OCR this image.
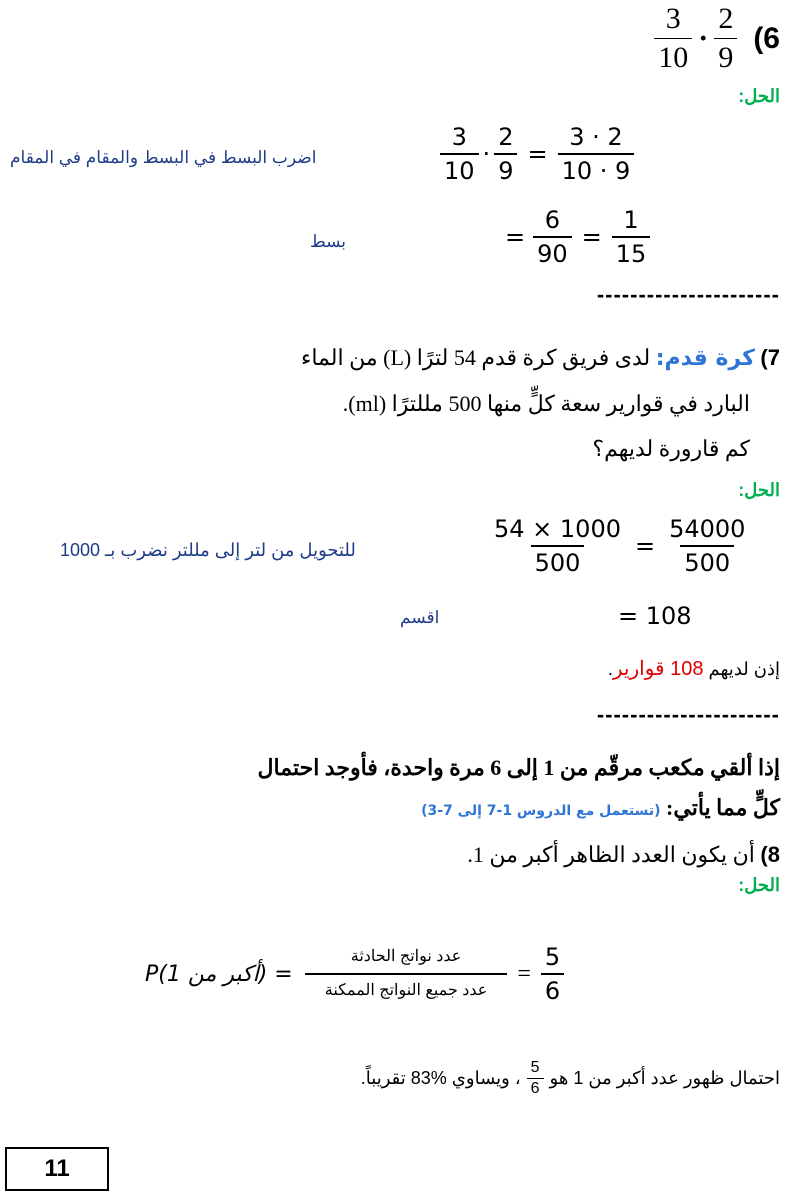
$\frac{3}{10} \cdot \frac{2}{9} (6$
الحل:
$\frac{3}{10} \cdot \frac{2}{9} = \frac{3 \cdot 2}{10 \cdot 9}$
اضرب البسط في البسط والمقام في المقام
= $\frac{6}{90} = \frac{1}{15}$
بسط
----------------------
7) كرة قدم: لدى فريق كرة قدم 54 لترًا (L) من الماء
البارد في قوارير سعة كلٍّ منها 500 مللترًا (ml).
كم قارورة لديهم؟
الحل:
$\frac{54 \times 1000}{500} = \frac{54000}{500}$
للتحويل من لتر إلى مللتر نضرب بـ 1000
= 108
اقسم
إذن لديهم 108 قوارير.
----------------------
إذا ألقي مكعب مرقّم من 1 إلى 6 مرة واحدة، فأوجد احتمال
كلٍّ مما يأتي: (تستعمل مع الدروس 1-7 إلى 7-3)
8) أن يكون العدد الظاهر أكبر من 1.
الحل:
P(1 أكبر من) = $\frac{\text{عدد نواتج الحادثة}}{\text{عدد جميع النواتج الممكنة}} = \frac{5}{6}$
احتمال ظهور عدد أكبر من 1 هو
$\frac{5}{6}$
، ويساوي %83 تقريباً.
11
